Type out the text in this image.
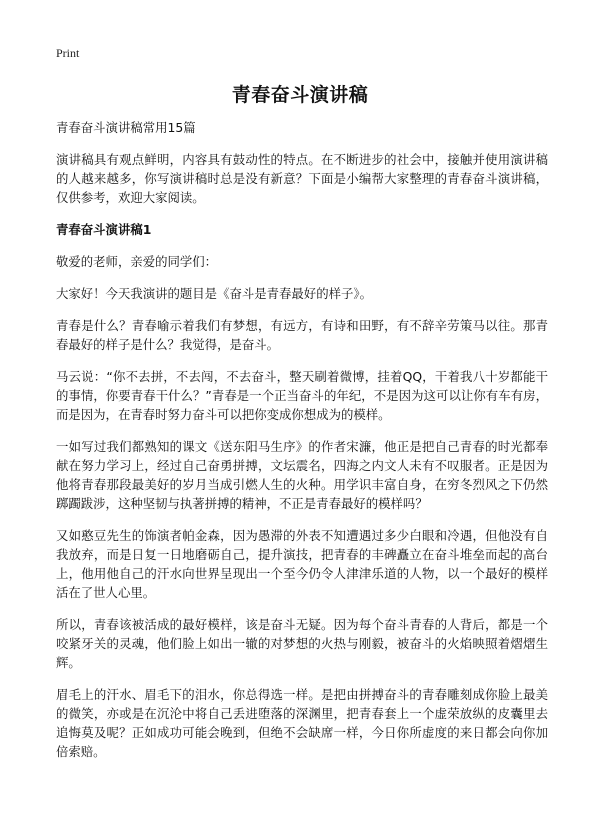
Print
青春奋斗演讲稿

青春奋斗演讲稿常用15篇

演讲稿具有观点鲜明，内容具有鼓动性的特点。在不断进步的社会中，接触并使用演讲稿的人越来越多，你写演讲稿时总是没有新意？下面是小编帮大家整理的青春奋斗演讲稿，仅供参考，欢迎大家阅读。

青春奋斗演讲稿1

敬爱的老师，亲爱的同学们：

大家好！今天我演讲的题目是《奋斗是青春最好的样子》。

青春是什么？青春喻示着我们有梦想，有远方，有诗和田野，有不辞辛劳策马以往。那青春最好的样子是什么？我觉得，是奋斗。

马云说：“你不去拼，不去闯，不去奋斗，整天刷着微博，挂着QQ，干着我八十岁都能干的事情，你要青春干什么？”青春是一个正当奋斗的年纪，不是因为这可以让你有车有房，而是因为，在青春时努力奋斗可以把你变成你想成为的模样。

一如写过我们都熟知的课文《送东阳马生序》的作者宋濂，他正是把自己青春的时光都奉献在努力学习上，经过自己奋勇拼搏，文坛震名，四海之内文人未有不叹服者。正是因为他将青春那段最美好的岁月当成引燃人生的火种。用学识丰富自身，在穷冬烈风之下仍然踯躅跋涉，这种坚韧与执著拼搏的精神，不正是青春最好的模样吗？

又如憨豆先生的饰演者帕金森，因为愚滞的外表不知遭遇过多少白眼和冷遇，但他没有自我放弃，而是日复一日地磨砺自己，提升演技，把青春的丰碑矗立在奋斗堆垒而起的高台上，他用他自己的汗水向世界呈现出一个至今仍令人津津乐道的人物，以一个最好的模样活在了世人心里。

所以，青春该被活成的最好模样，该是奋斗无疑。因为每个奋斗青春的人背后，都是一个咬紧牙关的灵魂，他们脸上如出一辙的对梦想的火热与刚毅，被奋斗的火焰映照着熠熠生辉。

眉毛上的汗水、眉毛下的泪水，你总得选一样。是把由拼搏奋斗的青春雕刻成你脸上最美的微笑，亦或是在沉沦中将自己丢进堕落的深渊里，把青春套上一个虚荣放纵的皮囊里去追悔莫及呢？正如成功可能会晚到，但绝不会缺席一样，今日你所虚度的来日都会向你加倍索赔。
